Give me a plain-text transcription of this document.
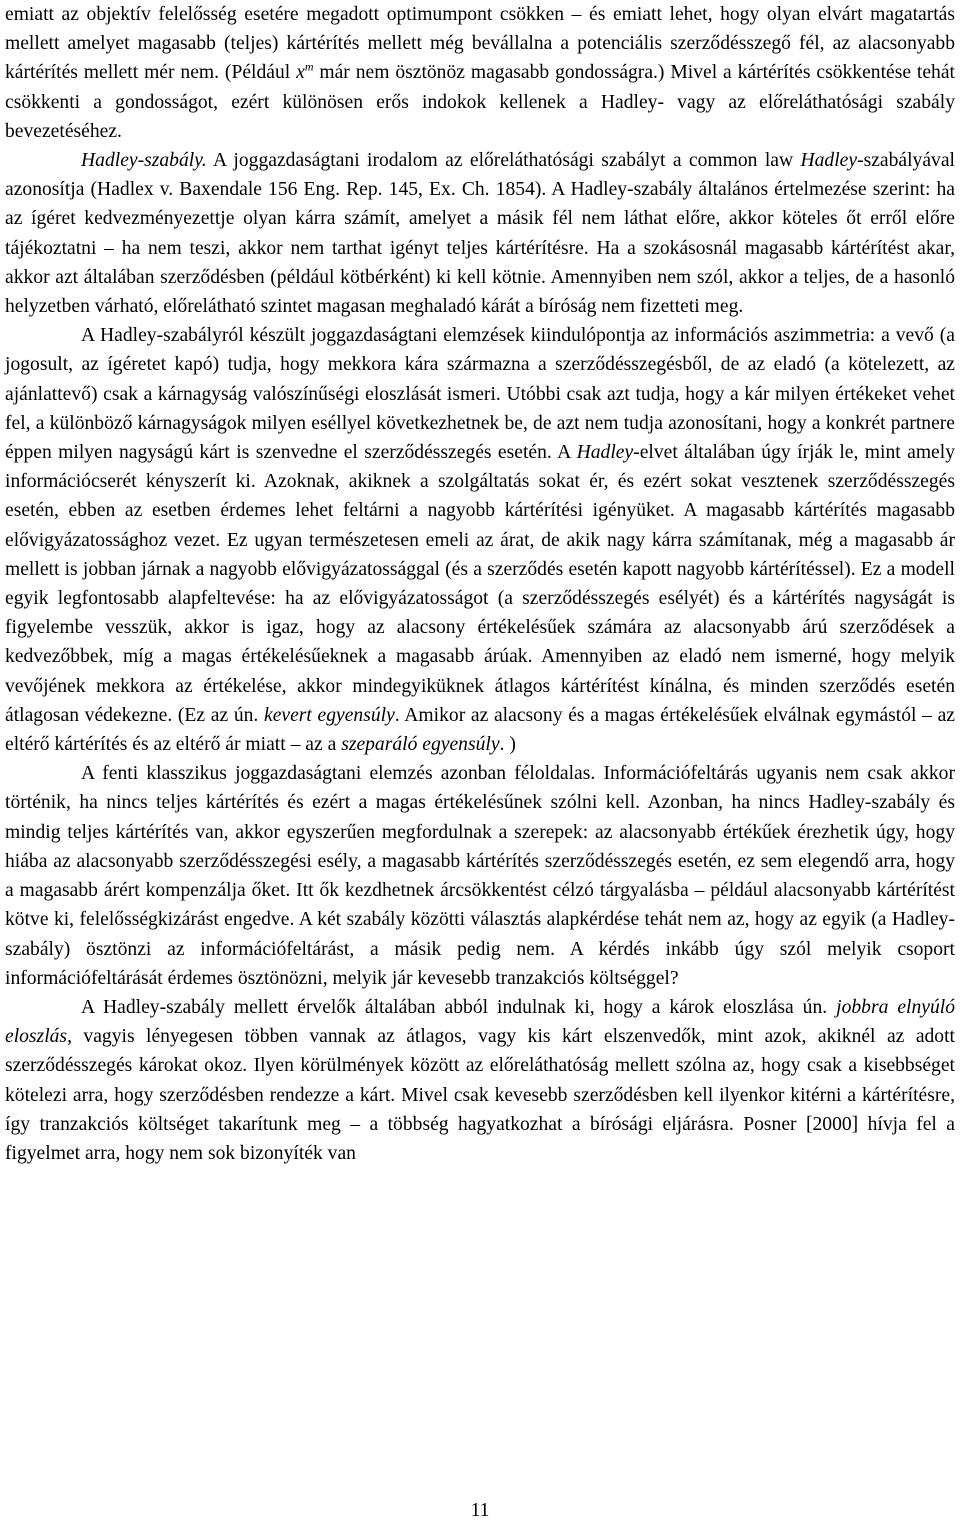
emiatt az objektív felelősség esetére megadott optimumpont csökken – és emiatt lehet, hogy olyan elvárt magatartás mellett amelyet magasabb (teljes) kártérítés mellett még bevállalna a potenciális szerződésszegő fél, az alacsonyabb kártérítés mellett mér nem. (Például $x^m$ már nem ösztönöz magasabb gondosságra.) Mivel a kártérítés csökkentése tehát csökkenti a gondosságot, ezért különösen erős indokok kellenek a Hadley- vagy az előreláthatósági szabály bevezetéséhez.

Hadley-szabály. A joggazdaságtani irodalom az előreláthatósági szabályt a common law Hadley-szabályával azonosítja (Hadlex v. Baxendale 156 Eng. Rep. 145, Ex. Ch. 1854). A Hadley-szabály általános értelmezése szerint: ha az ígéret kedvezményezettje olyan kárra számít, amelyet a másik fél nem láthat előre, akkor köteles őt erről előre tájékoztatni – ha nem teszi, akkor nem tarthat igényt teljes kártérítésre. Ha a szokásosnál magasabb kártérítést akar, akkor azt általában szerződésben (például kötbérként) ki kell kötnie. Amennyiben nem szól, akkor a teljes, de a hasonló helyzetben várható, előrelátható szintet magasan meghaladó kárát a bíróság nem fizetteti meg.

A Hadley-szabályról készült joggazdaságtani elemzések kiindulópontja az információs aszimmetria: a vevő (a jogosult, az ígéretet kapó) tudja, hogy mekkora kára származna a szerződésszegésből, de az eladó (a kötelezett, az ajánlattevő) csak a kárnagyság valószínűségi eloszlását ismeri. Utóbbi csak azt tudja, hogy a kár milyen értékeket vehet fel, a különböző kárnagyságok milyen eséllyel következhetnek be, de azt nem tudja azonosítani, hogy a konkrét partnere éppen milyen nagyságú kárt is szenvedne el szerződésszegés esetén. A Hadley-elvet általában úgy írják le, mint amely információcserét kényszerít ki. Azoknak, akiknek a szolgáltatás sokat ér, és ezért sokat vesztenek szerződésszegés esetén, ebben az esetben érdemes lehet feltárni a nagyobb kártérítési igényüket. A magasabb kártérítés magasabb elővigyázatossághoz vezet. Ez ugyan természetesen emeli az árat, de akik nagy kárra számítanak, még a magasabb ár mellett is jobban járnak a nagyobb elővigyázatossággal (és a szerződés esetén kapott nagyobb kártérítéssel). Ez a modell egyik legfontosabb alapfeltevése: ha az elővigyázatosságot (a szerződésszegés esélyét) és a kártérítés nagyságát is figyelembe vesszük, akkor is igaz, hogy az alacsony értékelésűek számára az alacsonyabb árú szerződések a kedvezőbbek, míg a magas értékelésűeknek a magasabb árúak. Amennyiben az eladó nem ismerné, hogy melyik vevőjének mekkora az értékelése, akkor mindegyiküknek átlagos kártérítést kínálna, és minden szerződés esetén átlagosan védekezne. (Ez az ún. kevert egyensúly. Amikor az alacsony és a magas értékelésűek elválnak egymástól – az eltérő kártérítés és az eltérő ár miatt – az a szeparáló egyensúly. )

A fenti klasszikus joggazdaságtani elemzés azonban féloldalas. Információfeltárás ugyanis nem csak akkor történik, ha nincs teljes kártérítés és ezért a magas értékelésűnek szólni kell. Azonban, ha nincs Hadley-szabály és mindig teljes kártérítés van, akkor egyszerűen megfordulnak a szerepek: az alacsonyabb értékűek érezhetik úgy, hogy hiába az alacsonyabb szerződésszegési esély, a magasabb kártérítés szerződésszegés esetén, ez sem elegendő arra, hogy a magasabb árért kompenzálja őket. Itt ők kezdhetnek árcsökkentést célzó tárgyalásba – például alacsonyabb kártérítést kötve ki, felelősségkizárást engedve. A két szabály közötti választás alapkérdése tehát nem az, hogy az egyik (a Hadley-szabály) ösztönzi az információfeltárást, a másik pedig nem. A kérdés inkább úgy szól melyik csoport információfeltárását érdemes ösztönözni, melyik jár kevesebb tranzakciós költséggel?

A Hadley-szabály mellett érvelők általában abból indulnak ki, hogy a károk eloszlása ún. jobbra elnyúló eloszlás, vagyis lényegesen többen vannak az átlagos, vagy kis kárt elszenvedők, mint azok, akiknél az adott szerződésszegés károkat okoz. Ilyen körülmények között az előreláthatóság mellett szólna az, hogy csak a kisebbséget kötelezi arra, hogy szerződésben rendezze a kárt. Mivel csak kevesebb szerződésben kell ilyenkor kitérni a kártérítésre, így tranzakciós költséget takarítunk meg – a többség hagyatkozhat a bírósági eljárásra. Posner [2000] hívja fel a figyelmet arra, hogy nem sok bizonyíték van

11
